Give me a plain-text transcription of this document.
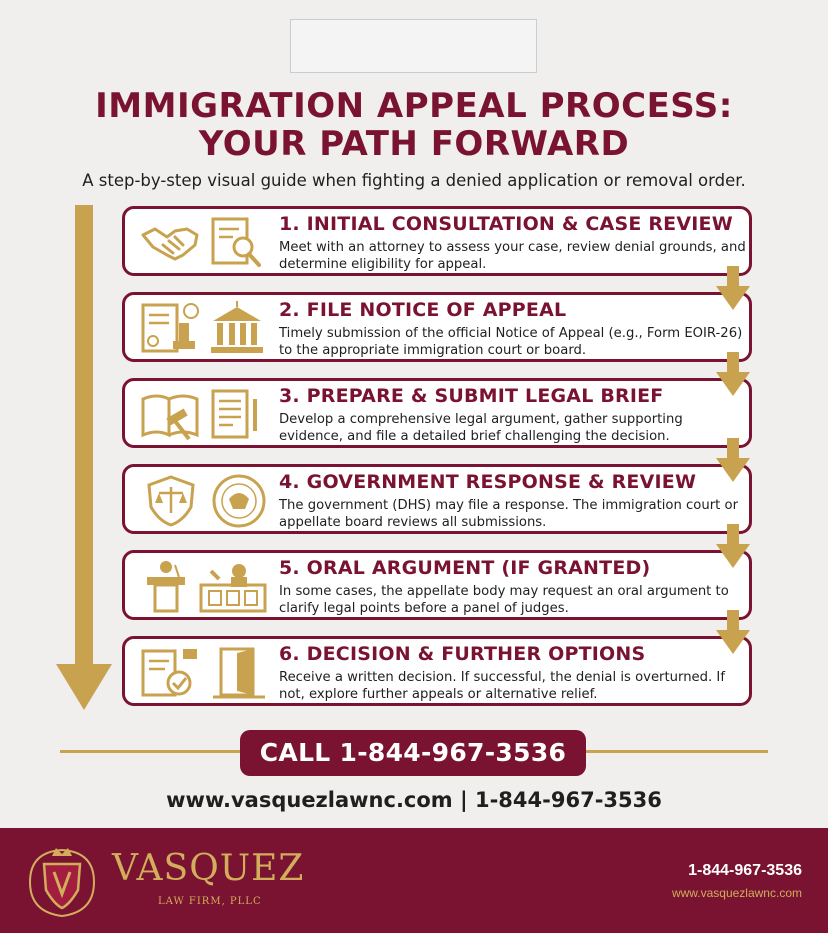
IMMIGRATION APPEAL PROCESS:
YOUR PATH FORWARD
A step-by-step visual guide when fighting a denied application or removal order.
1. INITIAL CONSULTATION & CASE REVIEW
Meet with an attorney to assess your case, review denial grounds, and determine eligibility for appeal.
2. FILE NOTICE OF APPEAL
Timely submission of the official Notice of Appeal (e.g., Form EOIR-26) to the appropriate immigration court or board.
3. PREPARE & SUBMIT LEGAL BRIEF
Develop a comprehensive legal argument, gather supporting evidence, and file a detailed brief challenging the decision.
4. GOVERNMENT RESPONSE & REVIEW
The government (DHS) may file a response. The immigration court or appellate board reviews all submissions.
5. ORAL ARGUMENT (IF GRANTED)
In some cases, the appellate body may request an oral argument to clarify legal points before a panel of judges.
6. DECISION & FURTHER OPTIONS
Receive a written decision. If successful, the denial is overturned. If not, explore further appeals or alternative relief.
CALL 1-844-967-3536
www.vasquezlawnc.com | 1-844-967-3536
VASQUEZ
LAW FIRM, PLLC
1-844-967-3536
www.vasquezlawnc.com
